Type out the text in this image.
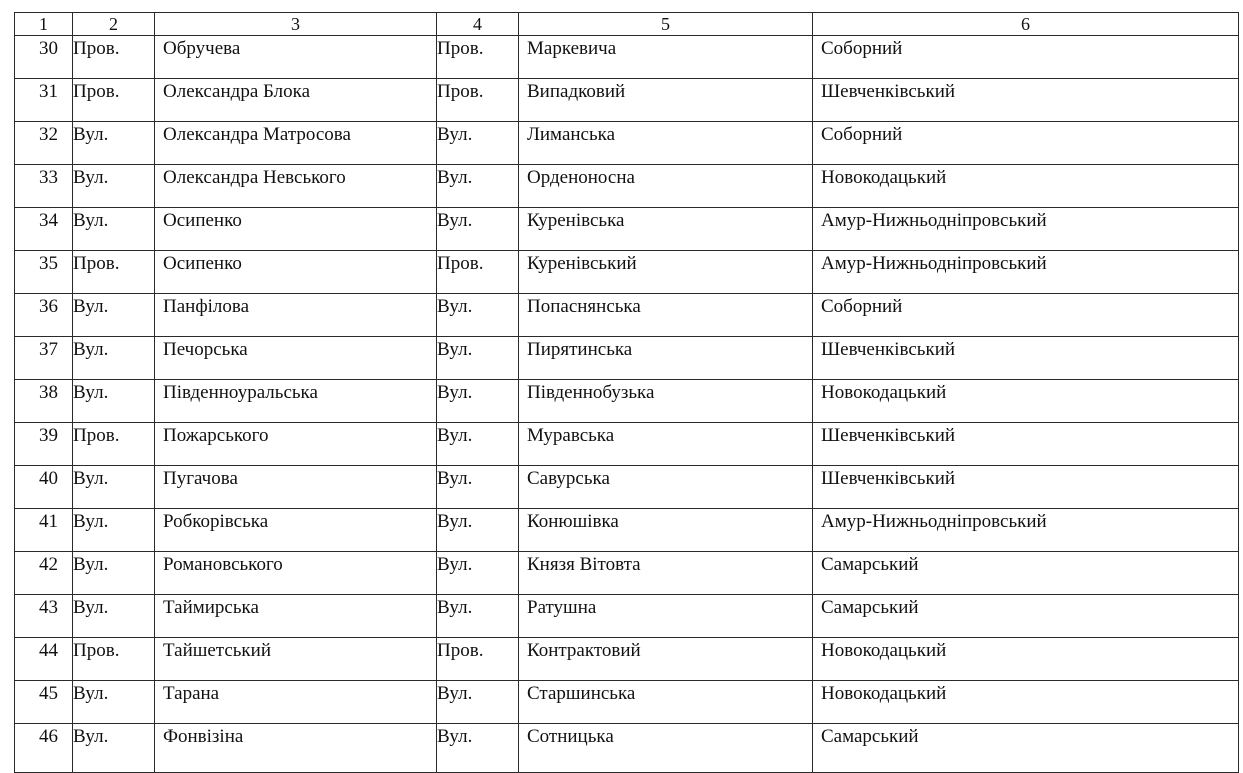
1	2	3	4	5	6
30	Пров.	Обручева	Пров.	Маркевича	Соборний
31	Пров.	Олександра Блока	Пров.	Випадковий	Шевченківський
32	Вул.	Олександра Матросова	Вул.	Лиманська	Соборний
33	Вул.	Олександра Невського	Вул.	Орденоносна	Новокодацький
34	Вул.	Осипенко	Вул.	Куренівська	Амур-Нижньодніпровський
35	Пров.	Осипенко	Пров.	Куренівський	Амур-Нижньодніпровський
36	Вул.	Панфілова	Вул.	Попаснянська	Соборний
37	Вул.	Печорська	Вул.	Пирятинська	Шевченківський
38	Вул.	Південноуральська	Вул.	Південнобузька	Новокодацький
39	Пров.	Пожарського	Вул.	Муравська	Шевченківський
40	Вул.	Пугачова	Вул.	Савурська	Шевченківський
41	Вул.	Робкорівська	Вул.	Конюшівка	Амур-Нижньодніпровський
42	Вул.	Романовського	Вул.	Князя Вітовта	Самарський
43	Вул.	Таймирська	Вул.	Ратушна	Самарський
44	Пров.	Тайшетський	Пров.	Контрактовий	Новокодацький
45	Вул.	Тарана	Вул.	Старшинська	Новокодацький
46	Вул.	Фонвізіна	Вул.	Сотницька	Самарський
